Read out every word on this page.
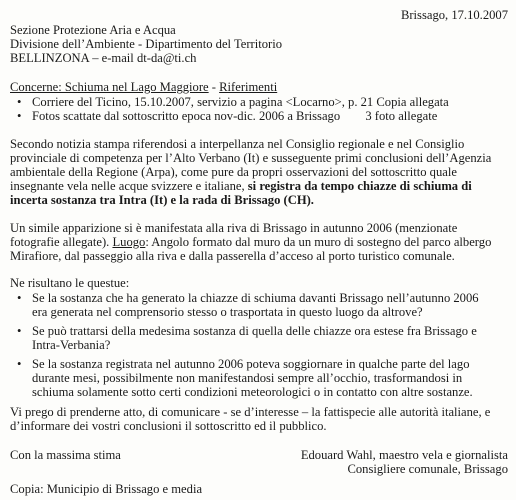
Brissago, 17.10.2007
Sezione Protezione Aria e Acqua
Divisione dell’Ambiente - Dipartimento del Territorio
BELLINZONA – e-mail dt-da@ti.ch
Concerne: Schiuma nel Lago Maggiore - Riferimenti
• Corriere del Ticino, 15.10.2007, servizio a pagina <Locarno>, p. 21 Copia allegata
• Fotos scattate dal sottoscritto epoca nov-dic. 2006 a Brissago        3 foto allegate
Secondo notizia stampa riferendosi a interpellanza nel Consiglio regionale e nel Consiglio
provinciale di competenza per l’Alto Verbano (It) e susseguente primi conclusioni dell’Agenzia
ambientale della Regione (Arpa), come pure da propri osservazioni del sottoscritto quale
insegnante vela nelle acque svizzere e italiane, si registra da tempo chiazze di schiuma di
incerta sostanza tra Intra (It) e la rada di Brissago (CH).
Un simile apparizione si è manifestata alla riva di Brissago in autunno 2006 (menzionate
fotografie allegate). Luogo: Angolo formato dal muro da un muro di sostegno del parco albergo
Mirafiore, dal passeggio alla riva e dalla passerella d’acceso al porto turistico comunale.
Ne risultano le questue:
• Se la sostanza che ha generato la chiazze di schiuma davanti Brissago nell’autunno 2006
era generata nel comprensorio stesso o trasportata in questo luogo da altrove?
• Se può trattarsi della medesima sostanza di quella delle chiazze ora estese fra Brissago e
Intra-Verbania?
• Se la sostanza registrata nel autunno 2006 poteva soggiornare in qualche parte del lago
durante mesi, possibilmente non manifestandosi sempre all’occhio, trasformandosi in
schiuma solamente sotto certi condizioni meteorologici o in contatto con altre sostanze.
Vi prego di prenderne atto, di comunicare - se d’interesse – la fattispecie alle autorità italiane, e
d’informare dei vostri conclusioni il sottoscritto ed il pubblico.
Con la massima stima	Edouard Wahl, maestro vela e giornalista
Consigliere comunale, Brissago
Copia: Municipio di Brissago e media
